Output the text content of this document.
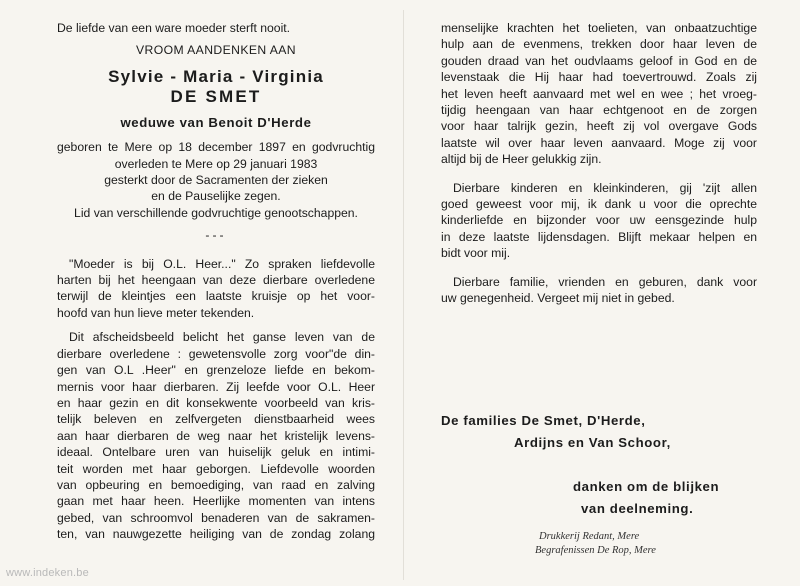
De liefde van een ware moeder sterft nooit.
VROOM AANDENKEN AAN
Sylvie - Maria - Virginia
DE SMET
weduwe van Benoit D'Herde
geboren te Mere op 18 december 1897 en godvruchtig
overleden te Mere op 29 januari 1983
gesterkt door de Sacramenten der zieken
en de Pauselijke zegen.
Lid van verschillende godvruchtige genootschappen.
---
"Moeder is bij O.L. Heer..." Zo spraken liefdevolle
harten bij het heengaan van deze dierbare overledene
terwijl de kleintjes een laatste kruisje op het voor-
hoofd van hun lieve meter tekenden.
Dit afscheidsbeeld belicht het ganse leven van de
dierbare overledene : gewetensvolle zorg voor"de din-
gen van O.L .Heer" en grenzeloze liefde en bekom-
mernis voor haar dierbaren. Zij leefde voor O.L. Heer
en haar gezin en dit konsekwente voorbeeld van kris-
telijk beleven en zelfvergeten dienstbaarheid wees
aan haar dierbaren de weg naar het kristelijk levens-
ideaal. Ontelbare uren van huiselijk geluk en intimi-
teit worden met haar geborgen. Liefdevolle woorden
van opbeuring en bemoediging, van raad en zalving
gaan met haar heen. Heerlijke momenten van intens
gebed, van schroomvol benaderen van de sakramen-
ten, van nauwgezette heiliging van de zondag zolang
menselijke krachten het toelieten, van onbaatzuchtige
hulp aan de evenmens, trekken door haar leven de
gouden draad van het oudvlaams geloof in God en de
levenstaak die Hij haar had toevertrouwd. Zoals zij
het leven heeft aanvaard met wel en wee ; het vroeg-
tijdig heengaan van haar echtgenoot en de zorgen
voor haar talrijk gezin, heeft zij vol overgave Gods
laatste wil over haar leven aanvaard. Moge zij voor
altijd bij de Heer gelukkig zijn.
Dierbare kinderen en kleinkinderen, gij 'zijt allen
goed geweest voor mij, ik dank u voor die oprechte
kinderliefde en bijzonder voor uw eensgezinde hulp
in deze laatste lijdensdagen. Blijft mekaar helpen en
bidt voor mij.
Dierbare familie, vrienden en geburen, dank voor
uw genegenheid. Vergeet mij niet in gebed.
De families De Smet, D'Herde,
Ardijns en Van Schoor,
danken om de blijken
van deelneming.
Drukkerij Redant, Mere
Begrafenissen De Rop, Mere
www.indeken.be
